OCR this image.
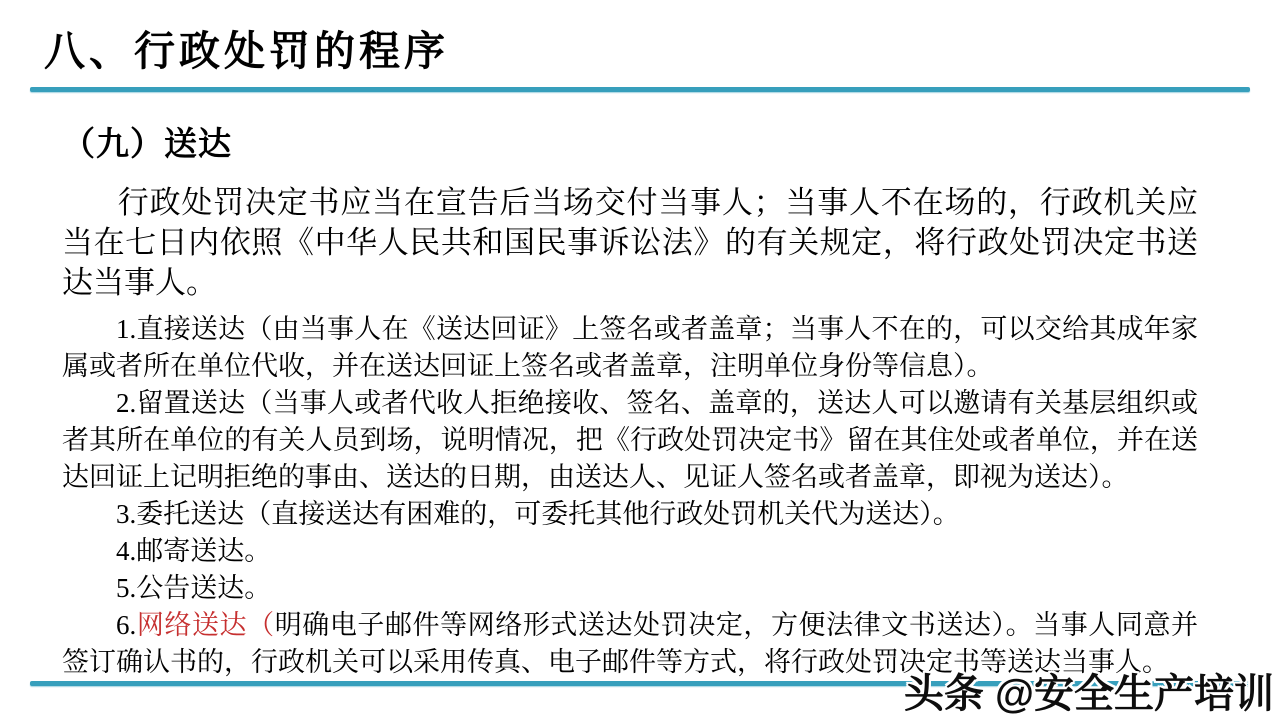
八、行政处罚的程序
（九）送达

行政处罚决定书应当在宣告后当场交付当事人；当事人不在场的，行政机关应当在七日内依照《中华人民共和国民事诉讼法》的有关规定，将行政处罚决定书送达当事人。

1.直接送达（由当事人在《送达回证》上签名或者盖章；当事人不在的，可以交给其成年家属或者所在单位代收，并在送达回证上签名或者盖章，注明单位身份等信息）。

2.留置送达（当事人或者代收人拒绝接收、签名、盖章的，送达人可以邀请有关基层组织或者其所在单位的有关人员到场，说明情况，把《行政处罚决定书》留在其住处或者单位，并在送达回证上记明拒绝的事由、送达的日期，由送达人、见证人签名或者盖章，即视为送达）。

3.委托送达（直接送达有困难的，可委托其他行政处罚机关代为送达）。

4.邮寄送达。

5.公告送达。

6.网络送达（明确电子邮件等网络形式送达处罚决定，方便法律文书送达）。当事人同意并签订确认书的，行政机关可以采用传真、电子邮件等方式，将行政处罚决定书等送达当事人。

头条 @安全生产培训
